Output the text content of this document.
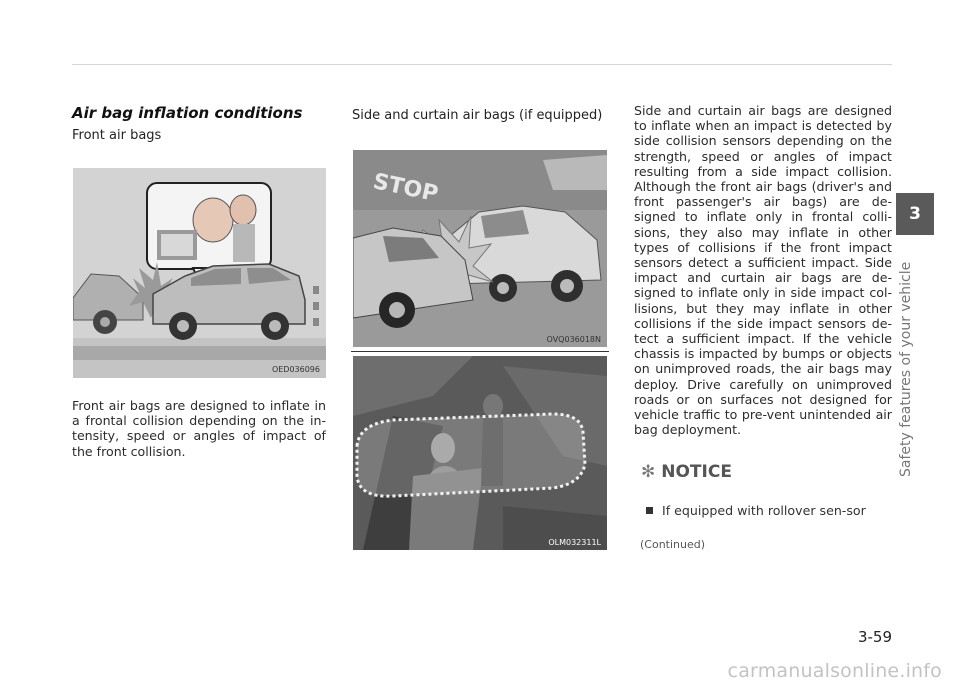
Air bag inflation conditions

Front air bags

OED036096

Front air bags are designed to inflate in a frontal collision depending on the in-tensity, speed or angles of impact of the front collision.

Side and curtain air bags (if equipped)

STOP
OVQ036018N
OLM032311L

Side and curtain air bags are designed to inflate when an impact is detected by side collision sensors depending on the strength, speed or angles of impact resulting from a side impact collision. Although the front air bags (driver's and front passenger's air bags) are de-signed to inflate only in frontal colli-sions, they also may inflate in other types of collisions if the front impact sensors detect a sufficient impact. Side impact and curtain air bags are de-signed to inflate only in side impact col-lisions, but they may inflate in other collisions if the side impact sensors de-tect a sufficient impact. If the vehicle chassis is impacted by bumps or objects on unimproved roads, the air bags may deploy. Drive carefully on unimproved roads or on surfaces not designed for vehicle traffic to pre-vent unintended air bag deployment.

✻ NOTICE
If equipped with rollover sen-sor
(Continued)
3
Safety features of your vehicle
3-59
carmanualsonline.info
